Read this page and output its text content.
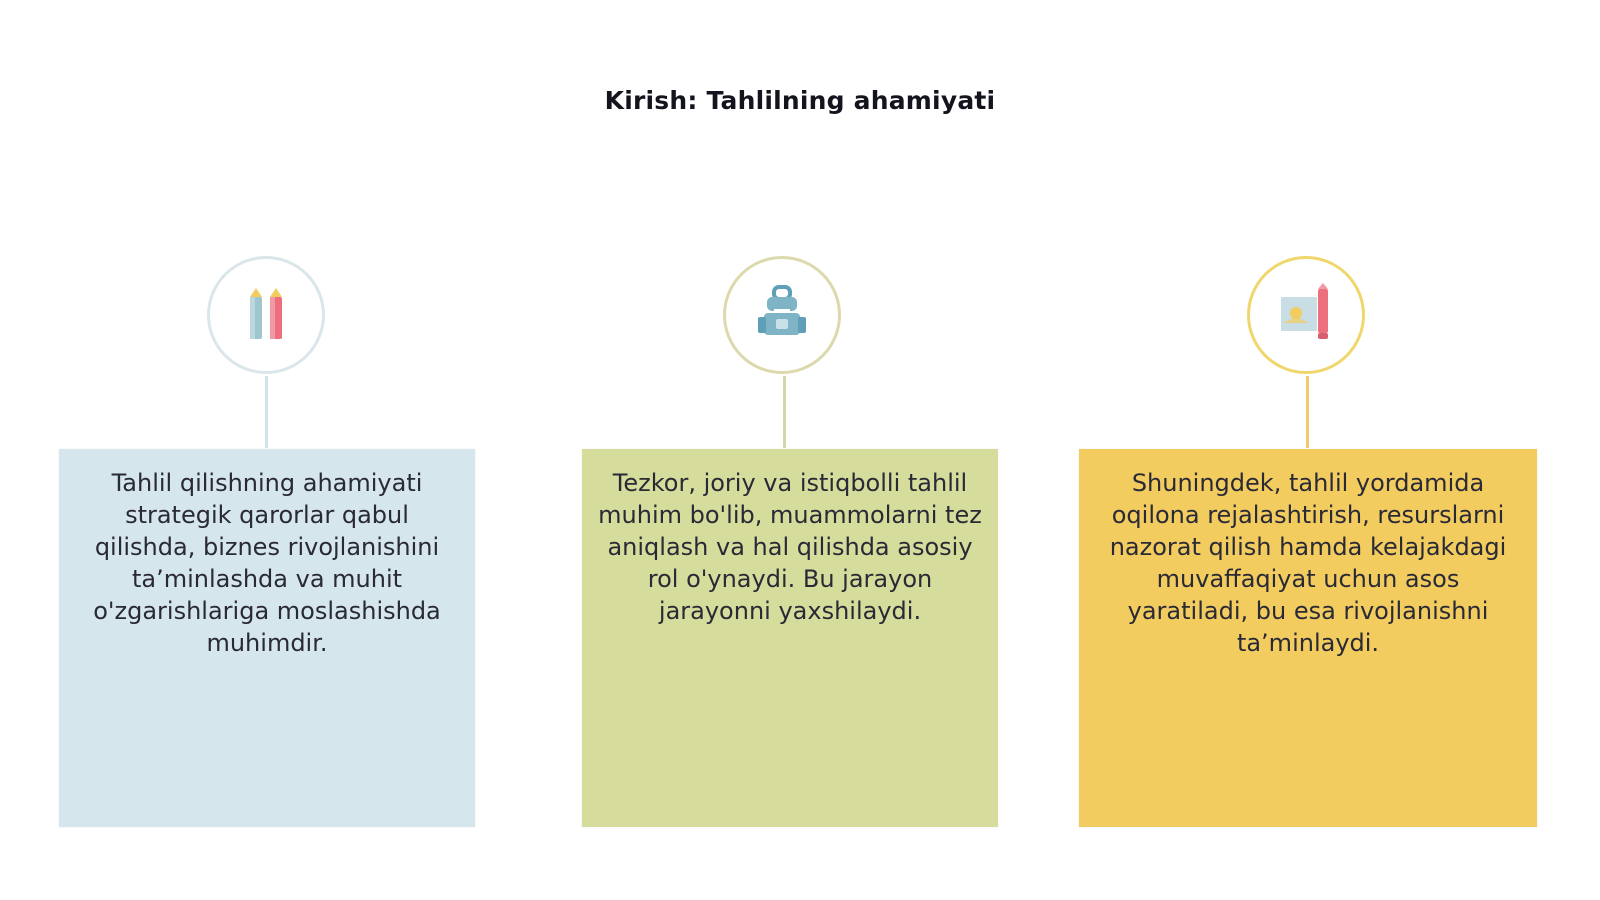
Kirish: Tahlilning ahamiyati
Tahlil qilishning ahamiyati strategik qarorlar qabul qilishda, biznes rivojlanishini ta’minlashda va muhit o'zgarishlariga moslashishda muhimdir.
Tezkor, joriy va istiqbolli tahlil muhim bo'lib, muammolarni tez aniqlash va hal qilishda asosiy rol o'ynaydi. Bu jarayon jarayonni yaxshilaydi.
Shuningdek, tahlil yordamida oqilona rejalashtirish, resurslarni nazorat qilish hamda kelajakdagi muvaffaqiyat uchun asos yaratiladi, bu esa rivojlanishni ta’minlaydi.
